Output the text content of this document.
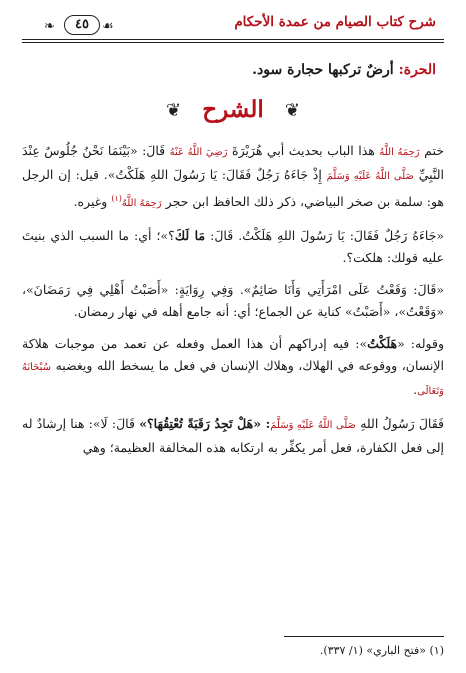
شرح كتاب الصيام من عمدة الأحكام
❧	٤٥	☙
الحرة: أرضٌ تركبها حجارة سود.
❦
الشرح
❦

ختم رَحِمَهُ اللَّهُ هذا الباب بحديث أبي هُرَيْرَةَ رَضِيَ اللَّهُ عَنْهُ قَالَ: «بَيْنَمَا نَحْنُ جُلُوسٌ عِنْدَ النَّبِيِّ صَلَّى اللَّهُ عَلَيْهِ وَسَلَّمَ إِذْ جَاءَهُ رَجُلٌ فَقَالَ: يَا رَسُولَ اللهِ هَلَكْتُ». قيل: إن الرجل هو: سلمة بن صخر البياضي، ذكر ذلك الحافظ ابن حجر رَحِمَهُ اللَّهُ$^{(١)}$ وغيره.

«جَاءَهُ رَجُلٌ فَقَالَ: يَا رَسُولَ اللهِ هَلَكْتُ. قَالَ: مَا لَكَ؟»؛ أي: ما السبب الذي بنيتَ عليه قولك: هلكت؟.

«قَالَ: وَقَعْتُ عَلَى امْرَأَتِي وَأَنَا صَائِمٌ». وَفِي رِوَايَةٍ: «أَصَبْتُ أَهْلِي فِي رَمَضَانَ»، «وَقَعْتُ»، «أَصَبْتُ» كناية عن الجماع؛ أي: أنه جامع أهله في نهار رمضان.

وقوله: «هَلَكْتُ»: فيه إدراكهم أن هذا العمل وفعله عن تعمد من موجبات هلاكة الإنسان، ووقوعه في الهلاك، وهلاك الإنسان في فعل ما يسخط الله ويغضبه سُبْحَانَهُ وَتَعَالَى.

فَقَالَ رَسُولُ اللهِ صَلَّى اللَّهُ عَلَيْهِ وَسَلَّمَ: «هَلْ تَجِدُ رَقَبَةً تُعْتِقُهَا؟» قَالَ: لَا»: هنا إرشادٌ له إلى فعل الكفارة، فعل أمر يكفِّر به ارتكابه هذه المخالفة العظيمة؛ وهي

(١) «فتح الباري» (١/ ٣٣٧).
